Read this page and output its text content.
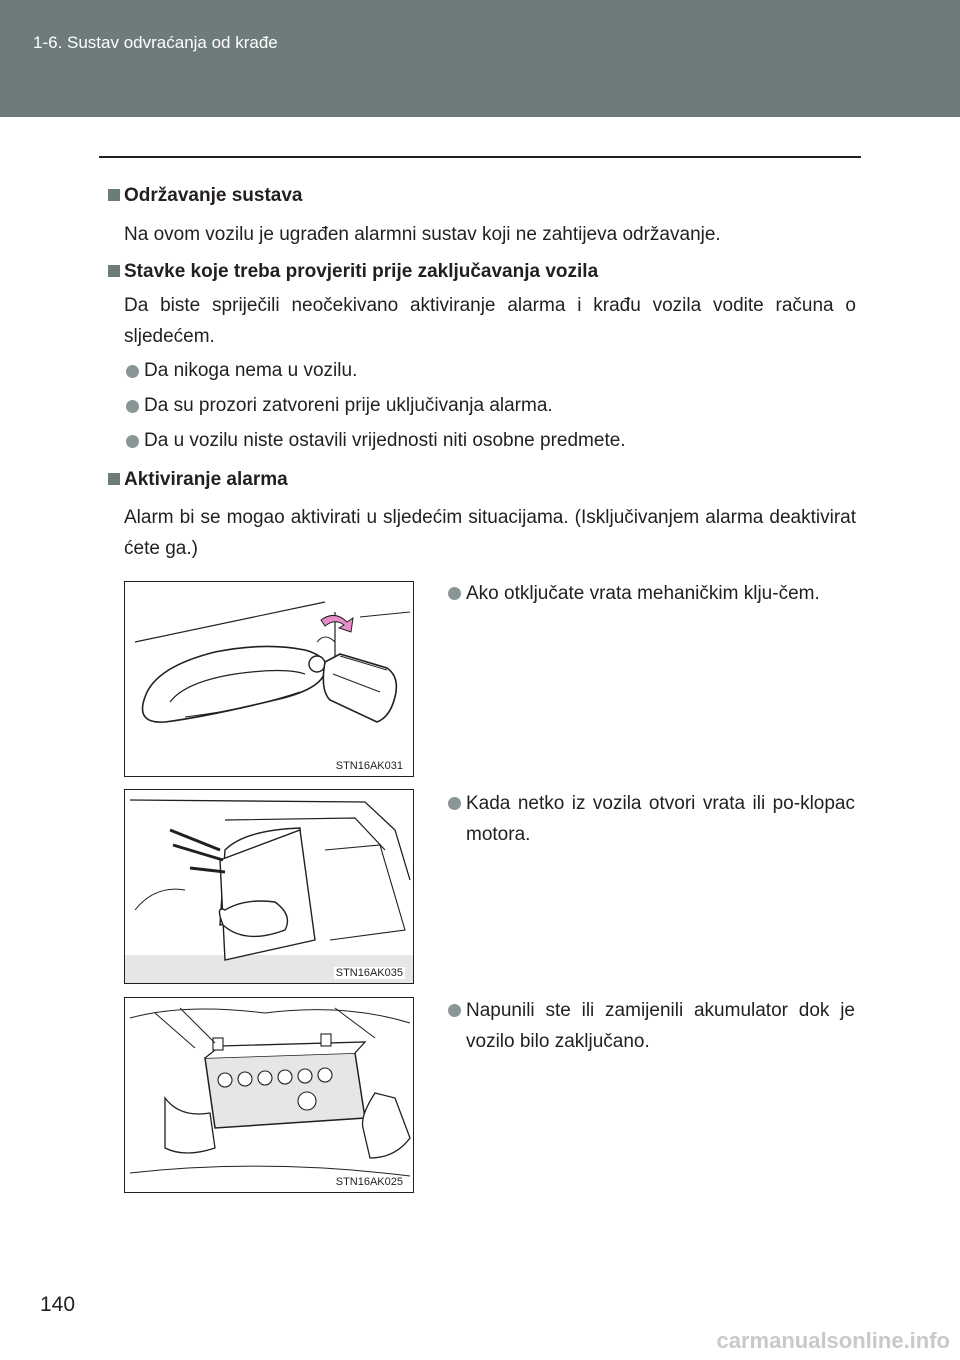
1-6. Sustav odvraćanja od krađe
Održavanje sustava
Na ovom vozilu je ugrađen alarmni sustav koji ne zahtijeva održavanje.
Stavke koje treba provjeriti prije zaključavanja vozila
Da biste spriječili neočekivano aktiviranje alarma i krađu vozila vodite računa o sljedećem.
Da nikoga nema u vozilu.
Da su prozori zatvoreni prije uključivanja alarma.
Da u vozilu niste ostavili vrijednosti niti osobne predmete.
Aktiviranje alarma
Alarm bi se mogao aktivirati u sljedećim situacijama. (Isključivanjem alarma deaktivirat ćete ga.)
STN16AK031
Ako otključate vrata mehaničkim klju-čem.
STN16AK035
Kada netko iz vozila otvori vrata ili po-klopac motora.
STN16AK025
Napunili ste ili zamijenili akumulator dok je vozilo bilo zaključano.
140
carmanualsonline.info
